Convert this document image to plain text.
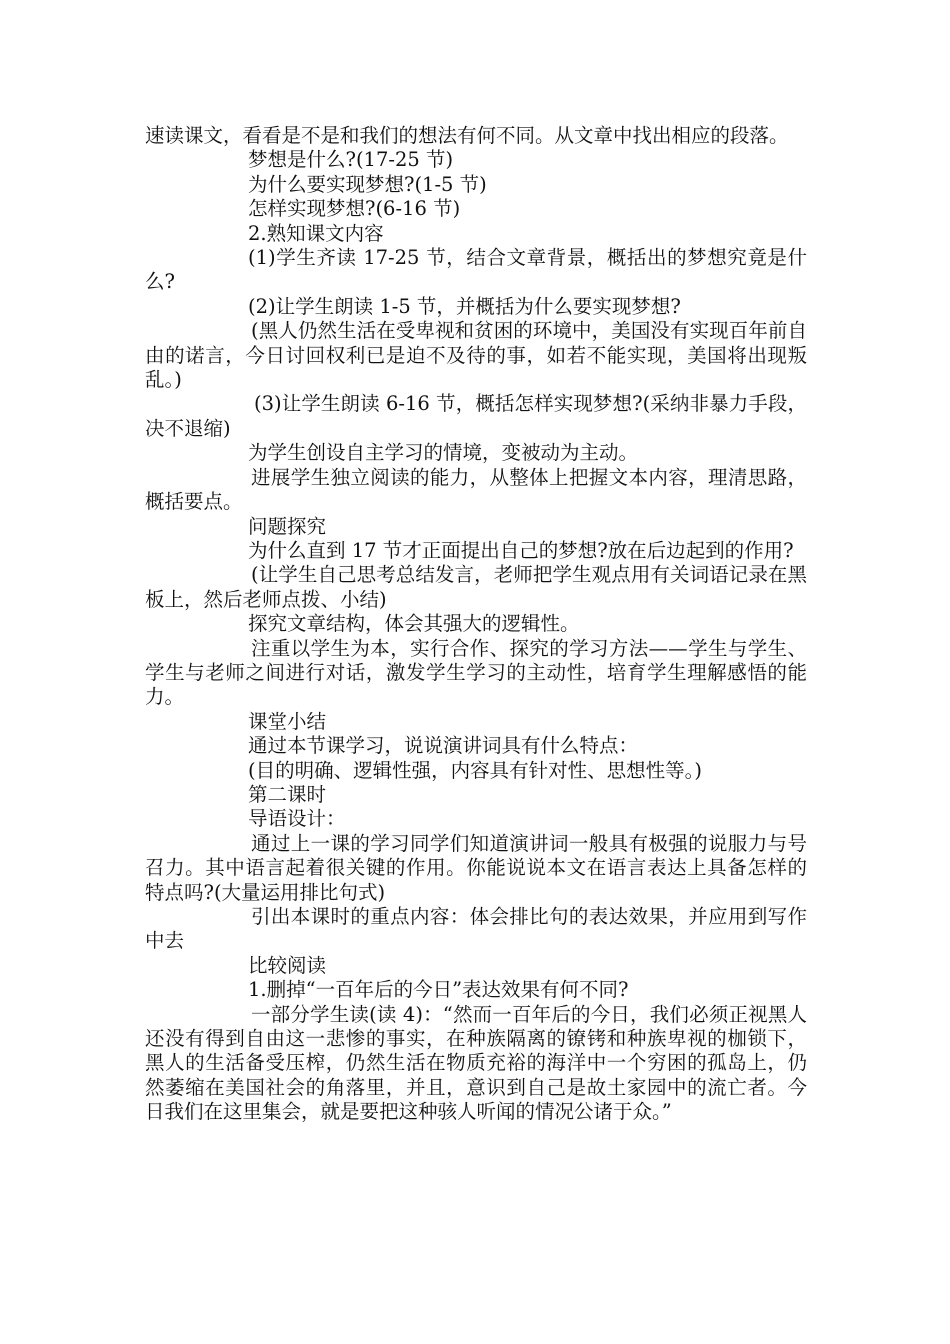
速读课文，看看是不是和我们的想法有何不同。从文章中找出相应的段落。

梦想是什么?(17-25 节)

为什么要实现梦想?(1-5 节)

怎样实现梦想?(6-16 节)

2.熟知课文内容

(1)学生齐读 17-25 节，结合文章背景，概括出的梦想究竟是什么?

(2)让学生朗读 1-5 节，并概括为什么要实现梦想?

(黑人仍然生活在受卑视和贫困的环境中，美国没有实现百年前自由的诺言，今日讨回权利已是迫不及待的事，如若不能实现，美国将出现叛乱。)

(3)让学生朗读 6-16 节，概括怎样实现梦想?(采纳非暴力手段，决不退缩)

为学生创设自主学习的情境，变被动为主动。

进展学生独立阅读的能力，从整体上把握文本内容，理清思路，概括要点。

问题探究

为什么直到 17 节才正面提出自己的梦想?放在后边起到的作用?

(让学生自己思考总结发言，老师把学生观点用有关词语记录在黑板上，然后老师点拨、小结)

探究文章结构，体会其强大的逻辑性。

注重以学生为本，实行合作、探究的学习方法——学生与学生、学生与老师之间进行对话，激发学生学习的主动性，培育学生理解感悟的能力。

课堂小结

通过本节课学习，说说演讲词具有什么特点：

(目的明确、逻辑性强，内容具有针对性、思想性等。)

第二课时

导语设计：

通过上一课的学习同学们知道演讲词一般具有极强的说服力与号召力。其中语言起着很关键的作用。你能说说本文在语言表达上具备怎样的特点吗?(大量运用排比句式)

引出本课时的重点内容：体会排比句的表达效果，并应用到写作中去

比较阅读

1.删掉“一百年后的今日”表达效果有何不同?

一部分学生读(读 4)：“然而一百年后的今日，我们必须正视黑人还没有得到自由这一悲惨的事实，在种族隔离的镣铐和种族卑视的枷锁下，黑人的生活备受压榨，仍然生活在物质充裕的海洋中一个穷困的孤岛上，仍然萎缩在美国社会的角落里，并且，意识到自己是故土家园中的流亡者。今日我们在这里集会，就是要把这种骇人听闻的情况公诸于众。”
